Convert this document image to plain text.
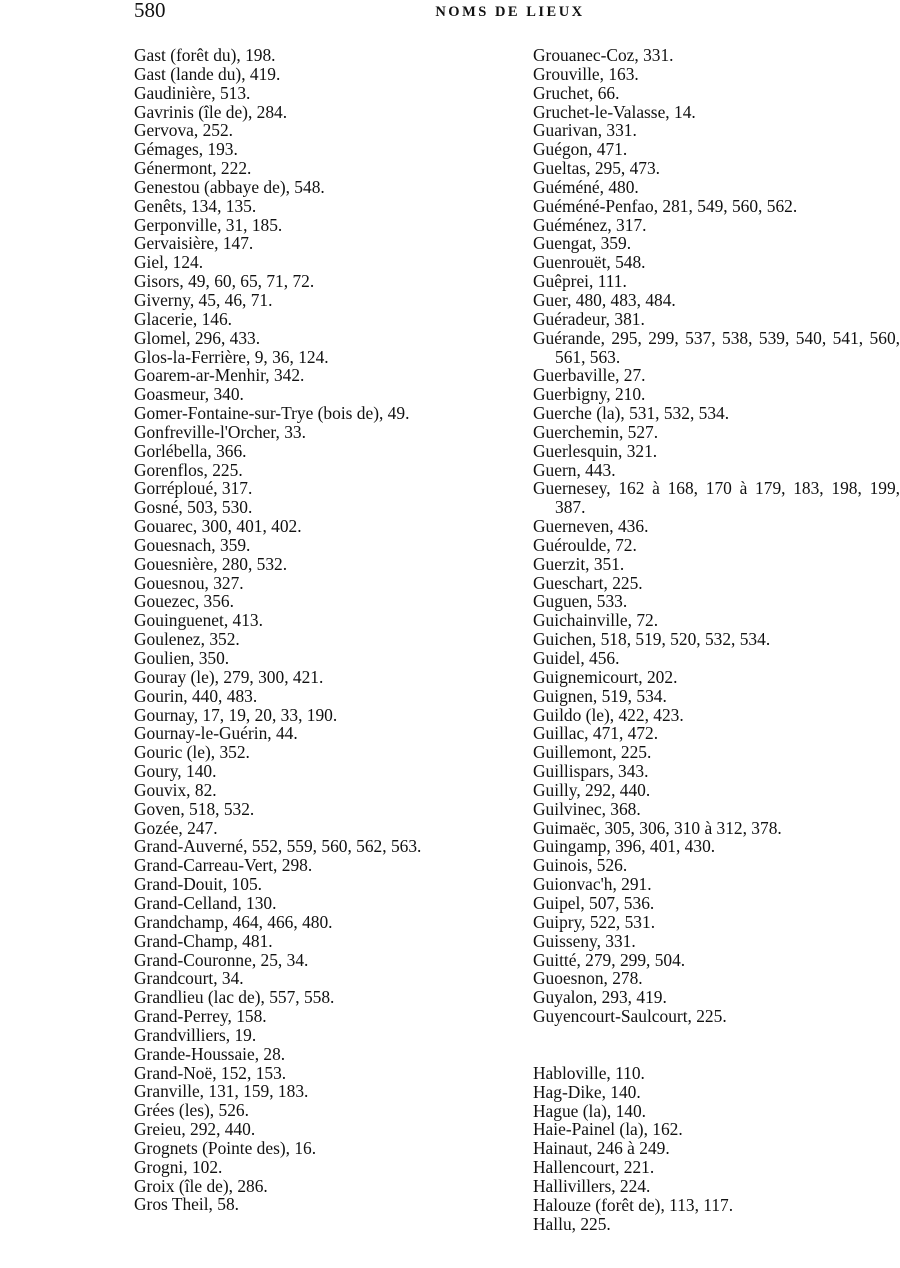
580	NOMS DE LIEUX
Gast (forêt du), 198.
Gast (lande du), 419.
Gaudinière, 513.
Gavrinis (île de), 284.
Gervova, 252.
Gémages, 193.
Génermont, 222.
Genestou (abbaye de), 548.
Genêts, 134, 135.
Gerponville, 31, 185.
Gervaisière, 147.
Giel, 124.
Gisors, 49, 60, 65, 71, 72.
Giverny, 45, 46, 71.
Glacerie, 146.
Glomel, 296, 433.
Glos-la-Ferrière, 9, 36, 124.
Goarem-ar-Menhir, 342.
Goasmeur, 340.
Gomer-Fontaine-sur-Trye (bois de), 49.
Gonfreville-l'Orcher, 33.
Gorlébella, 366.
Gorenflos, 225.
Gorréploué, 317.
Gosné, 503, 530.
Gouarec, 300, 401, 402.
Gouesnach, 359.
Gouesnière, 280, 532.
Gouesnou, 327.
Gouezec, 356.
Gouinguenet, 413.
Goulenez, 352.
Goulien, 350.
Gouray (le), 279, 300, 421.
Gourin, 440, 483.
Gournay, 17, 19, 20, 33, 190.
Gournay-le-Guérin, 44.
Gouric (le), 352.
Goury, 140.
Gouvix, 82.
Goven, 518, 532.
Gozée, 247.
Grand-Auverné, 552, 559, 560, 562, 563.
Grand-Carreau-Vert, 298.
Grand-Douit, 105.
Grand-Celland, 130.
Grandchamp, 464, 466, 480.
Grand-Champ, 481.
Grand-Couronne, 25, 34.
Grandcourt, 34.
Grandlieu (lac de), 557, 558.
Grand-Perrey, 158.
Grandvilliers, 19.
Grande-Houssaie, 28.
Grand-Noë, 152, 153.
Granville, 131, 159, 183.
Grées (les), 526.
Greieu, 292, 440.
Grognets (Pointe des), 16.
Grogni, 102.
Groix (île de), 286.
Gros Theil, 58.
Grouanec-Coz, 331.
Grouville, 163.
Gruchet, 66.
Gruchet-le-Valasse, 14.
Guarivan, 331.
Guégon, 471.
Gueltas, 295, 473.
Guéméné, 480.
Guéméné-Penfao, 281, 549, 560, 562.
Guéménez, 317.
Guengat, 359.
Guenrouët, 548.
Guêprei, 111.
Guer, 480, 483, 484.
Guéradeur, 381.
Guérande, 295, 299, 537, 538, 539, 540, 541, 560, 561, 563.
Guerbaville, 27.
Guerbigny, 210.
Guerche (la), 531, 532, 534.
Guerchemin, 527.
Guerlesquin, 321.
Guern, 443.
Guernesey, 162 à 168, 170 à 179, 183, 198, 199, 387.
Guerneven, 436.
Guéroulde, 72.
Guerzit, 351.
Gueschart, 225.
Guguen, 533.
Guichainville, 72.
Guichen, 518, 519, 520, 532, 534.
Guidel, 456.
Guignemicourt, 202.
Guignen, 519, 534.
Guildo (le), 422, 423.
Guillac, 471, 472.
Guillemont, 225.
Guillispars, 343.
Guilly, 292, 440.
Guilvinec, 368.
Guimaëc, 305, 306, 310 à 312, 378.
Guingamp, 396, 401, 430.
Guinois, 526.
Guionvac'h, 291.
Guipel, 507, 536.
Guipry, 522, 531.
Guisseny, 331.
Guitté, 279, 299, 504.
Guoesnon, 278.
Guyalon, 293, 419.
Guyencourt-Saulcourt, 225.
Habloville, 110.
Hag-Dike, 140.
Hague (la), 140.
Haie-Painel (la), 162.
Hainaut, 246 à 249.
Hallencourt, 221.
Hallivillers, 224.
Halouze (forêt de), 113, 117.
Hallu, 225.
